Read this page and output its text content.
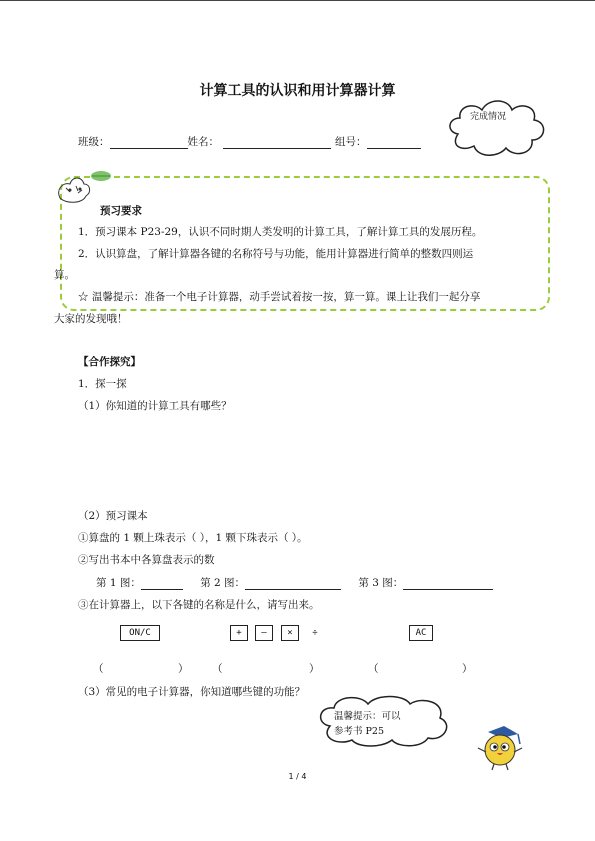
计算工具的认识和用计算器计算
班级：	姓名：	组号：
完成情况
预习要求
1．预习课本 P23-29，认识不同时期人类发明的计算工具，了解计算工具的发展历程。
2．认识算盘，了解计算器各键的名称符号与功能，能用计算器进行简单的整数四则运
算。
☆ 温馨提示：准备一个电子计算器，动手尝试着按一按，算一算。课上让我们一起分享
大家的发现哦！
【合作探究】
1．探一探
（1）你知道的计算工具有哪些？
（2）预习课本
①算盘的 1 颗上珠表示（ ），1 颗下珠表示（ ）。
②写出书本中各算盘表示的数
第 1 图：	第 2 图：	第 3 图：
③在计算器上，以下各键的名称是什么，请写出来。
ON/C	+	—	×	÷	AC
（	） （	）	（	）
（3）常见的电子计算器，你知道哪些键的功能？
温馨提示：可以
参考书 P25
1 / 4
